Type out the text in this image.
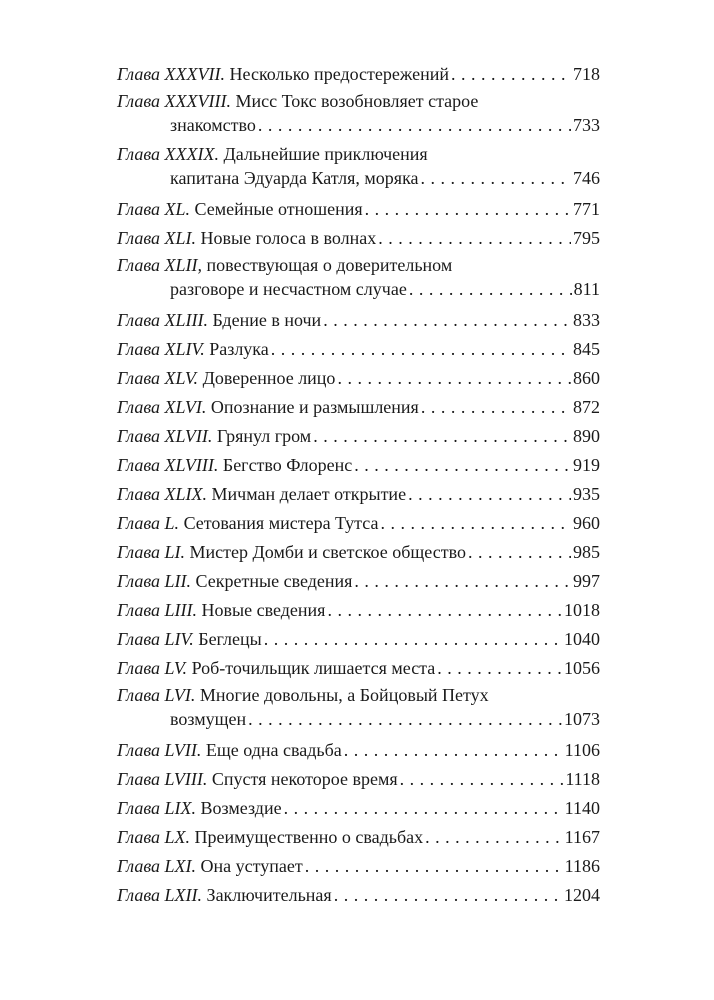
Глава XXXVII.
Несколько предостережений . . .	718
Глава XXXVIII.
Мисс Токс возобновляет старое
знакомство . . .	733
Глава XXXIX.
Дальнейшие приключения
капитана Эдуарда Катля, моряка . . .	746
Глава XL.
Семейные отношения . . .	771
Глава XLI.
Новые голоса в волнах . . .	795
Глава XLII,
повествующая о доверительном
разговоре и несчастном случае . . .	811
Глава XLIII.
Бдение в ночи . . .	833
Глава XLIV.
Разлука . . .	845
Глава XLV.
Доверенное лицо . . .	860
Глава XLVI.
Опознание и размышления . . .	872
Глава XLVII.
Грянул гром . . .	890
Глава XLVIII.
Бегство Флоренс . . .	919
Глава XLIX.
Мичман делает открытие . . .	935
Глава L.
Сетования мистера Тутса . . .	960
Глава LI.
Мистер Домби и светское общество . . .	985
Глава LII.
Секретные сведения . . .	997
Глава LIII.
Новые сведения . . .	1018
Глава LIV.
Беглецы . . .	1040
Глава LV.
Роб-точильщик лишается места . . .	1056
Глава LVI.
Многие довольны, а Бойцовый Петух
возмущен . . .	1073
Глава LVII.
Еще одна свадьба . . .	1106
Глава LVIII.
Спустя некоторое время . . .	1118
Глава LIX.
Возмездие . . .	1140
Глава LX.
Преимущественно о свадьбах . . .	1167
Глава LXI.
Она уступает . . .	1186
Глава LXII.
Заключительная . . .	1204
